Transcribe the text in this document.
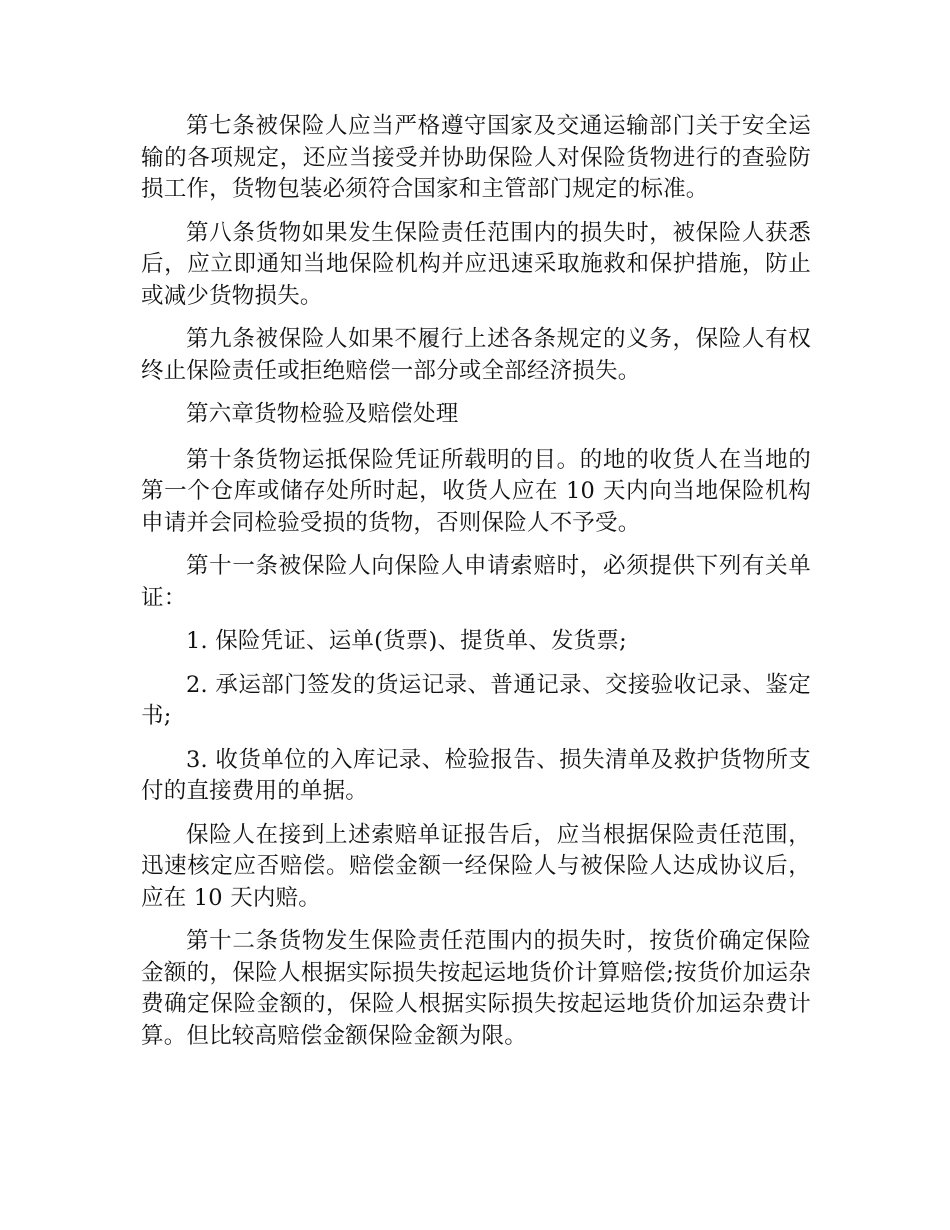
第七条被保险人应当严格遵守国家及交通运输部门关于安全运输的各项规定，还应当接受并协助保险人对保险货物进行的查验防损工作，货物包装必须符合国家和主管部门规定的标准。

第八条货物如果发生保险责任范围内的损失时，被保险人获悉后，应立即通知当地保险机构并应迅速采取施救和保护措施，防止或减少货物损失。

第九条被保险人如果不履行上述各条规定的义务，保险人有权终止保险责任或拒绝赔偿一部分或全部经济损失。

第六章货物检验及赔偿处理

第十条货物运抵保险凭证所载明的目。的地的收货人在当地的第一个仓库或储存处所时起，收货人应在 10 天内向当地保险机构申请并会同检验受损的货物，否则保险人不予受。

第十一条被保险人向保险人申请索赔时，必须提供下列有关单证：

1. 保险凭证、运单(货票)、提货单、发货票;

2. 承运部门签发的货运记录、普通记录、交接验收记录、鉴定书;

3. 收货单位的入库记录、检验报告、损失清单及救护货物所支付的直接费用的单据。

保险人在接到上述索赔单证报告后，应当根据保险责任范围，迅速核定应否赔偿。赔偿金额一经保险人与被保险人达成协议后，应在 10 天内赔。

第十二条货物发生保险责任范围内的损失时，按货价确定保险金额的，保险人根据实际损失按起运地货价计算赔偿;按货价加运杂费确定保险金额的，保险人根据实际损失按起运地货价加运杂费计算。但比较高赔偿金额保险金额为限。
